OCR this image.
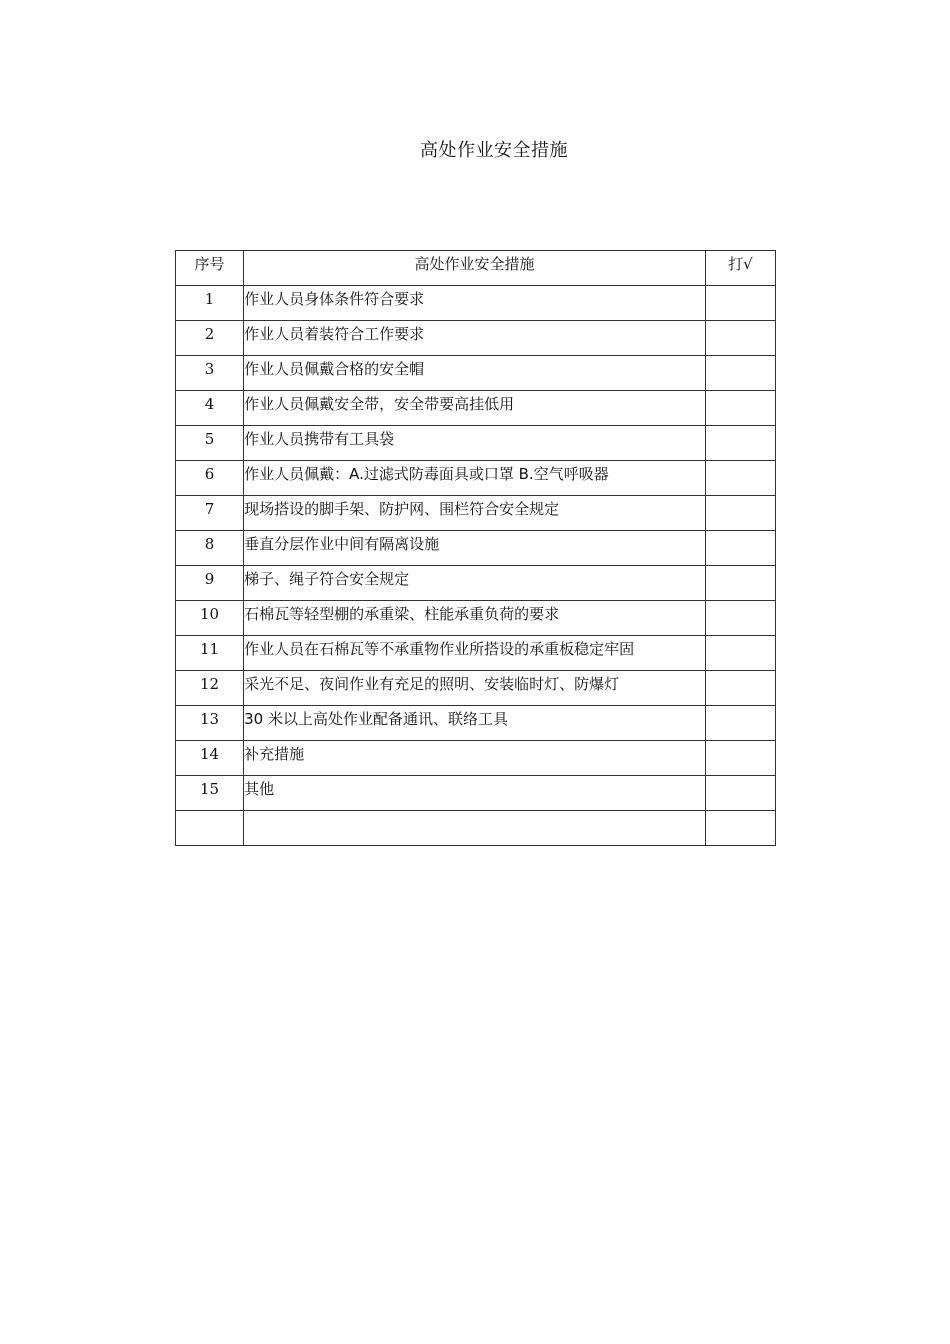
高处作业安全措施
序号	高处作业安全措施	打√
1	作业人员身体条件符合要求	
2	作业人员着装符合工作要求	
3	作业人员佩戴合格的安全帽	
4	作业人员佩戴安全带，安全带要高挂低用	
5	作业人员携带有工具袋	
6	作业人员佩戴：A.过滤式防毒面具或口罩 B.空气呼吸器	
7	现场搭设的脚手架、防护网、围栏符合安全规定	
8	垂直分层作业中间有隔离设施	
9	梯子、绳子符合安全规定	
10	石棉瓦等轻型棚的承重梁、柱能承重负荷的要求	
11	作业人员在石棉瓦等不承重物作业所搭设的承重板稳定牢固	
12	采光不足、夜间作业有充足的照明、安装临时灯、防爆灯	
13	30 米以上高处作业配备通讯、联络工具	
14	补充措施	
15	其他	
